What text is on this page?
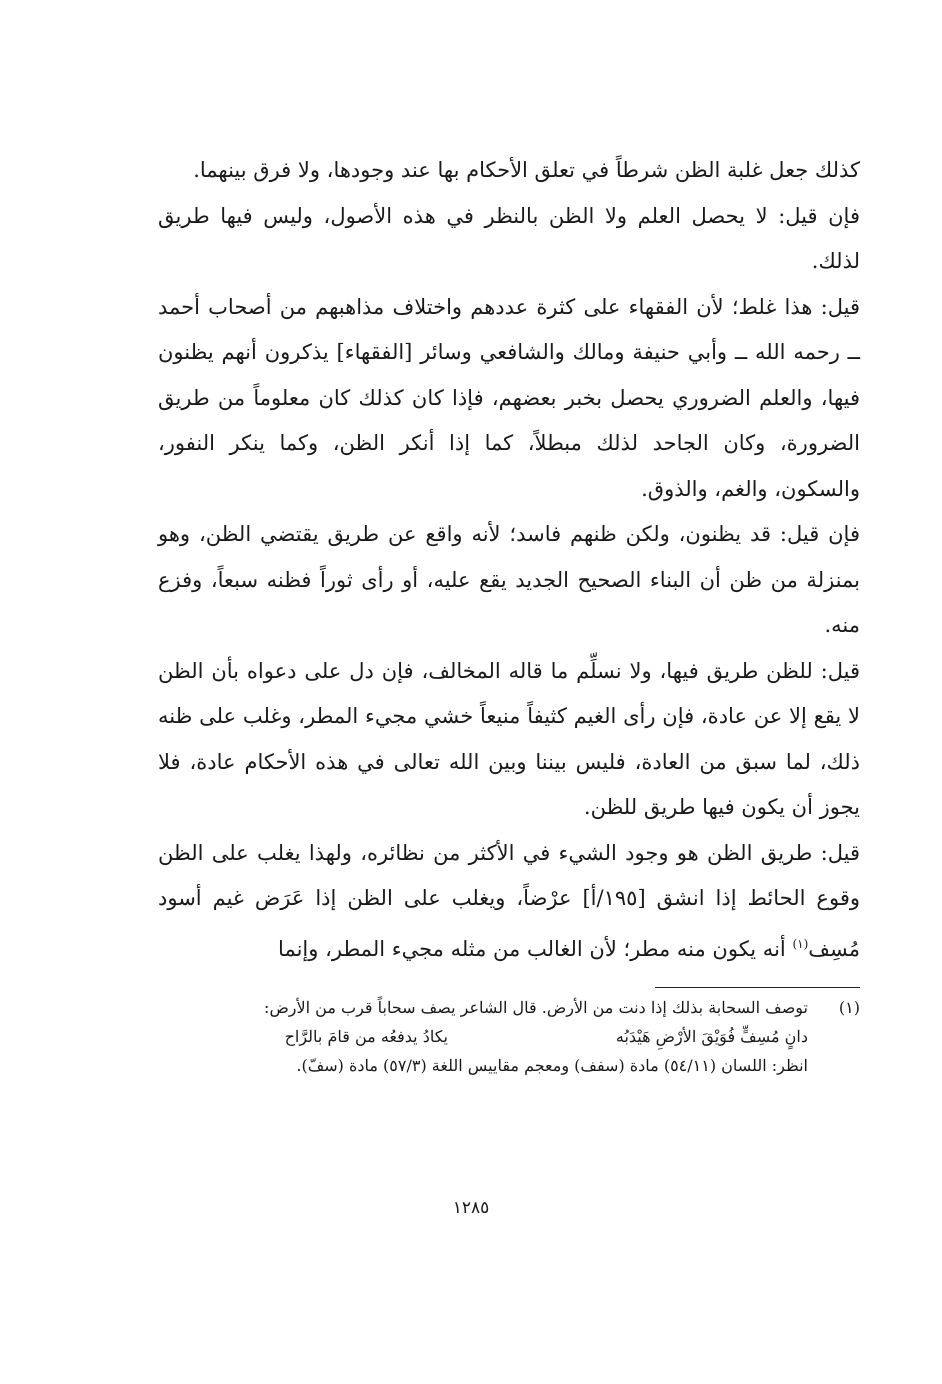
كذلك جعل غلبة الظن شرطاً في تعلق الأحكام بها عند وجودها، ولا فرق بينهما.

فإن قيل: لا يحصل العلم ولا الظن بالنظر في هذه الأصول، وليس فيها طريق لذلك.

قيل: هذا غلط؛ لأن الفقهاء على كثرة عددهم واختلاف مذاهبهم من أصحاب أحمد ــ رحمه الله ــ وأبي حنيفة ومالك والشافعي وسائر [الفقهاء] يذكرون أنهم يظنون فيها، والعلم الضروري يحصل بخبر بعضهم، فإذا كان كذلك كان معلوماً من طريق الضرورة، وكان الجاحد لذلك مبطلاً، كما إذا أنكر الظن، وكما ينكر النفور، والسكون، والغم، والذوق.

فإن قيل: قد يظنون، ولكن ظنهم فاسد؛ لأنه واقع عن طريق يقتضي الظن، وهو بمنزلة من ظن أن البناء الصحيح الجديد يقع عليه، أو رأى ثوراً فظنه سبعاً، وفزع منه.

قيل: للظن طريق فيها، ولا نسلِّم ما قاله المخالف، فإن دل على دعواه بأن الظن لا يقع إلا عن عادة، فإن رأى الغيم كثيفاً منيعاً خشي مجيء المطر، وغلب على ظنه ذلك، لما سبق من العادة، فليس بيننا وبين الله تعالى في هذه الأحكام عادة، فلا يجوز أن يكون فيها طريق للظن.

قيل: طريق الظن هو وجود الشيء في الأكثر من نظائره، ولهذا يغلب على الظن وقوع الحائط إذا انشق [١٩٥/أ] عرْضاً، ويغلب على الظن إذا عَرَض غيم أسود مُسِف$^{(١)}$ أنه يكون منه مطر؛ لأن الغالب من مثله مجيء المطر، وإنما

(١)

توصف السحابة بذلك إذا دنت من الأرض. قال الشاعر يصف سحاباً قرب من الأرض:

دانٍ مُسِفٍّ فُوَيْقَ الأرْضِ هَيْدَبُه
يكادُ يدفعُه من قامَ بالرَّاح

انظر: اللسان (٥٤/١١) مادة (سفف) ومعجم مقاييس اللغة (٥٧/٣) مادة (سفّ).

١٢٨٥
